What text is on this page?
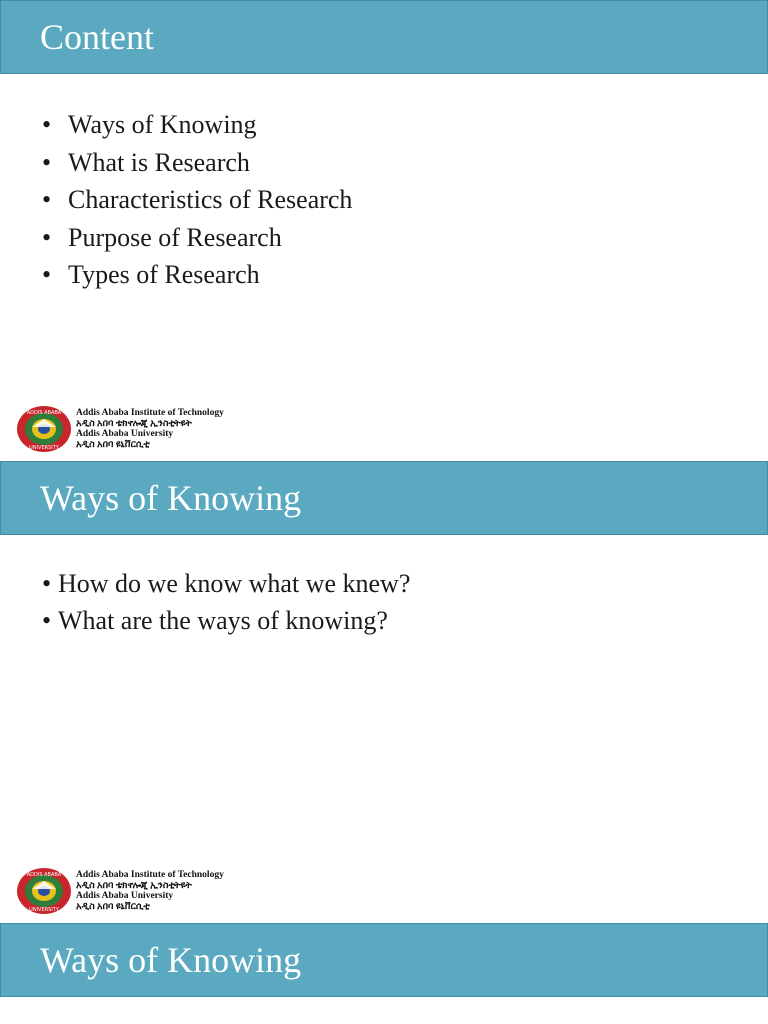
Content
• Ways of Knowing
• What is Research
• Characteristics of Research
• Purpose of Research
• Types of Research
ADDIS ABABA
UNIVERSITY
Addis Ababa Institute of Technology
አዲስ አበባ ቴክኖሎጂ ኢንስቲትዩት
Addis Ababa University
አዲስ አበባ ዩኒቨርሲቲ
Ways of Knowing
• How do we know what we knew?
• What are the ways of knowing?
ADDIS ABABA
UNIVERSITY
Addis Ababa Institute of Technology
አዲስ አበባ ቴክኖሎጂ ኢንስቲትዩት
Addis Ababa University
አዲስ አበባ ዩኒቨርሲቲ
Ways of Knowing
